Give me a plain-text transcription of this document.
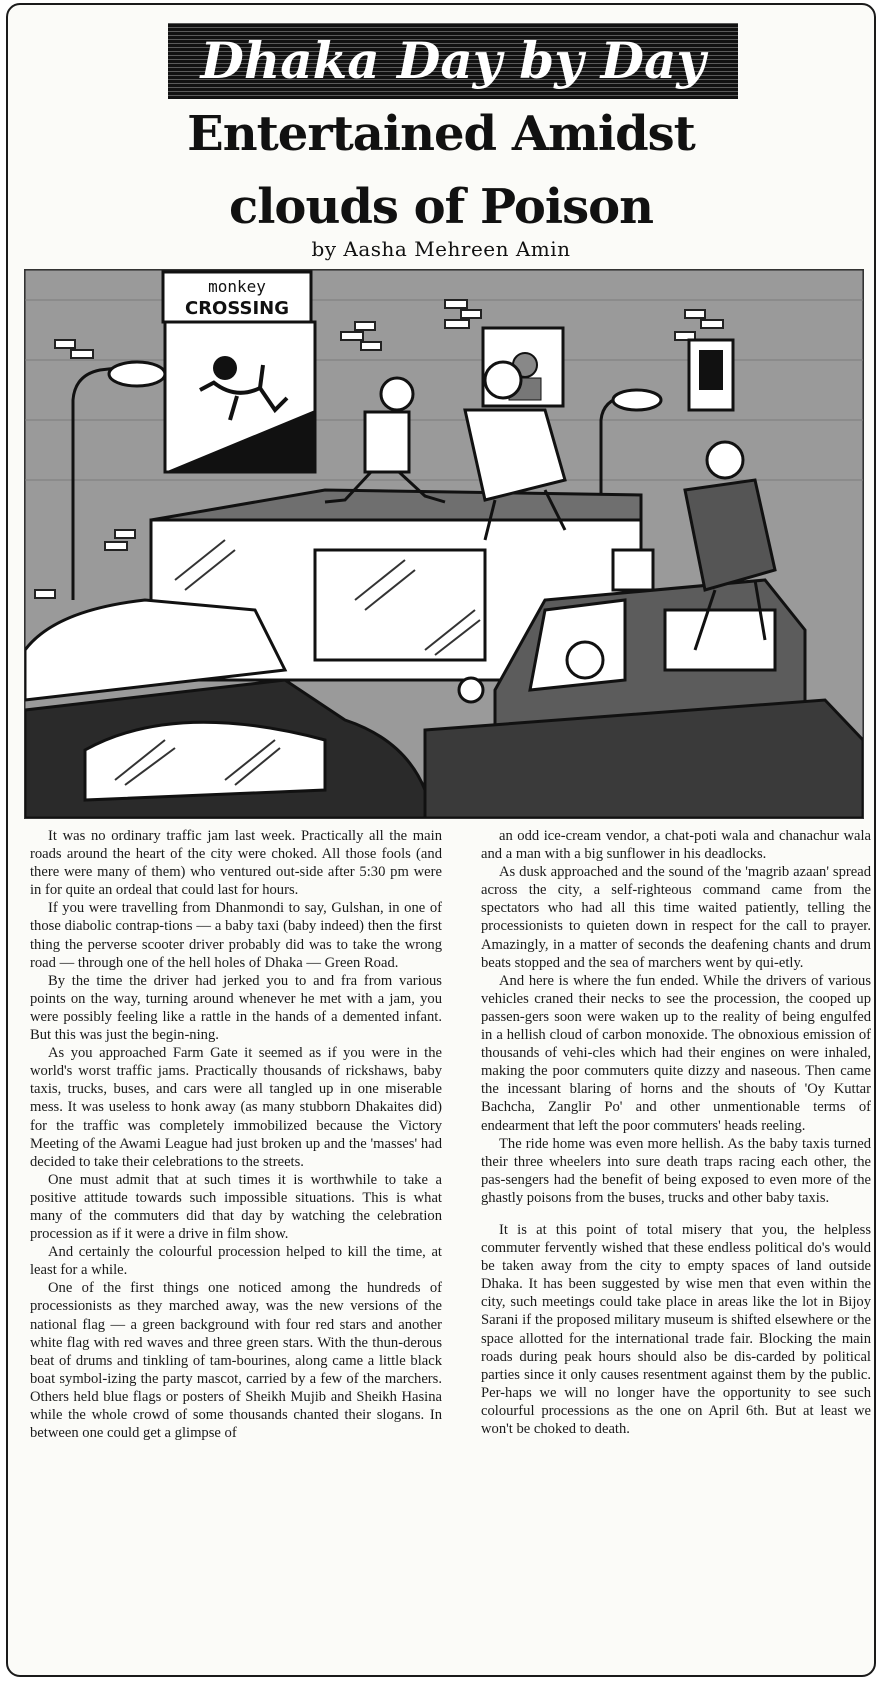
Dhaka Day by Day
Entertained Amidst
clouds of Poison
by Aasha Mehreen Amin
monkey
CROSSING

It was no ordinary traffic jam last week. Practically all the main roads around the heart of the city were choked. All those fools (and there were many of them) who ventured out-side after 5:30 pm were in for quite an ordeal that could last for hours.

If you were travelling from Dhanmondi to say, Gulshan, in one of those diabolic contrap-tions — a baby taxi (baby indeed) then the first thing the perverse scooter driver probably did was to take the wrong road — through one of the hell holes of Dhaka — Green Road.

By the time the driver had jerked you to and fra from various points on the way, turning around whenever he met with a jam, you were possibly feeling like a rattle in the hands of a demented infant. But this was just the begin-ning.

As you approached Farm Gate it seemed as if you were in the world's worst traffic jams. Practically thousands of rickshaws, baby taxis, trucks, buses, and cars were all tangled up in one miserable mess. It was useless to honk away (as many stubborn Dhakaites did) for the traffic was completely immobilized because the Victory Meeting of the Awami League had just broken up and the 'masses' had decided to take their celebrations to the streets.

One must admit that at such times it is worthwhile to take a positive attitude towards such impossible situations. This is what many of the commuters did that day by watching the celebration procession as if it were a drive in film show.

And certainly the colourful procession helped to kill the time, at least for a while.

One of the first things one noticed among the hundreds of processionists as they marched away, was the new versions of the national flag — a green background with four red stars and another white flag with red waves and three green stars. With the thun-derous beat of drums and tinkling of tam-bourines, along came a little black boat symbol-izing the party mascot, carried by a few of the marchers. Others held blue flags or posters of Sheikh Mujib and Sheikh Hasina while the whole crowd of some thousands chanted their slogans. In between one could get a glimpse of

an odd ice-cream vendor, a chat-poti wala and chanachur wala and a man with a big sunflower in his deadlocks.

As dusk approached and the sound of the 'magrib azaan' spread across the city, a self-righteous command came from the spectators who had all this time waited patiently, telling the processionists to quieten down in respect for the call to prayer. Amazingly, in a matter of seconds the deafening chants and drum beats stopped and the sea of marchers went by qui-etly.

And here is where the fun ended. While the drivers of various vehicles craned their necks to see the procession, the cooped up passen-gers soon were waken up to the reality of being engulfed in a hellish cloud of carbon monoxide. The obnoxious emission of thousands of vehi-cles which had their engines on were inhaled, making the poor commuters quite dizzy and naseous. Then came the incessant blaring of horns and the shouts of 'Oy Kuttar Bachcha, Zanglir Po' and other unmentionable terms of endearment that left the poor commuters' heads reeling.

The ride home was even more hellish. As the baby taxis turned their three wheelers into sure death traps racing each other, the pas-sengers had the benefit of being exposed to even more of the ghastly poisons from the buses, trucks and other baby taxis.

It is at this point of total misery that you, the helpless commuter fervently wished that these endless political do's would be taken away from the city to empty spaces of land outside Dhaka. It has been suggested by wise men that even within the city, such meetings could take place in areas like the lot in Bijoy Sarani if the proposed military museum is shifted elsewhere or the space allotted for the international trade fair. Blocking the main roads during peak hours should also be dis-carded by political parties since it only causes resentment against them by the public. Per-haps we will no longer have the opportunity to see such colourful processions as the one on April 6th. But at least we won't be choked to death.
